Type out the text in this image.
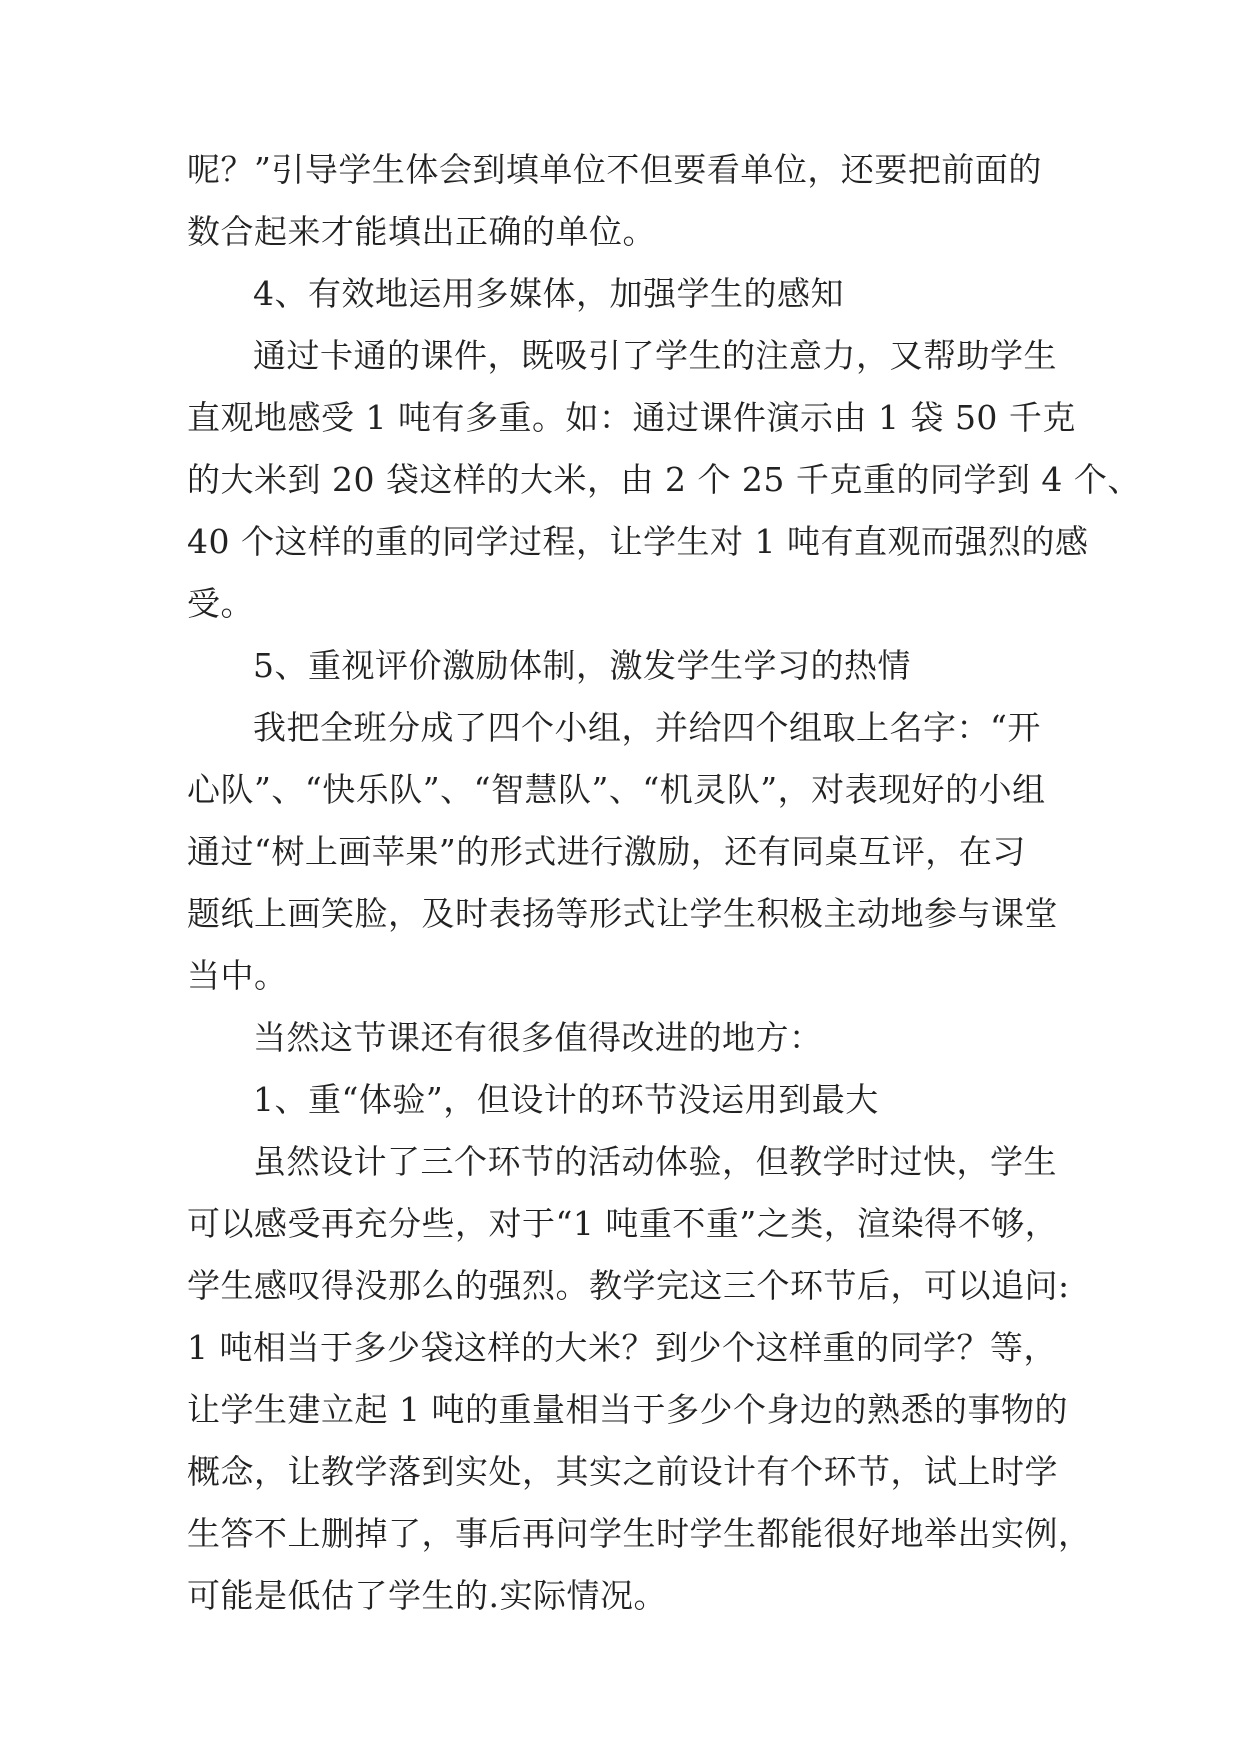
呢？”引导学生体会到填单位不但要看单位，还要把前面的
数合起来才能填出正确的单位。
4、有效地运用多媒体，加强学生的感知
通过卡通的课件，既吸引了学生的注意力，又帮助学生
直观地感受 1 吨有多重。如：通过课件演示由 1 袋 50 千克
的大米到 20 袋这样的大米，由 2 个 25 千克重的同学到 4 个、
40 个这样的重的同学过程，让学生对 1 吨有直观而强烈的感
受。
5、重视评价激励体制，激发学生学习的热情
我把全班分成了四个小组，并给四个组取上名字：“开
心队”、“快乐队”、“智慧队”、“机灵队”，对表现好的小组
通过“树上画苹果”的形式进行激励，还有同桌互评，在习
题纸上画笑脸，及时表扬等形式让学生积极主动地参与课堂
当中。
当然这节课还有很多值得改进的地方：
1、重“体验”，但设计的环节没运用到最大
虽然设计了三个环节的活动体验，但教学时过快，学生
可以感受再充分些，对于“1 吨重不重”之类，渲染得不够，
学生感叹得没那么的强烈。教学完这三个环节后，可以追问:
1 吨相当于多少袋这样的大米？到少个这样重的同学？等，
让学生建立起 1 吨的重量相当于多少个身边的熟悉的事物的
概念，让教学落到实处，其实之前设计有个环节，试上时学
生答不上删掉了，事后再问学生时学生都能很好地举出实例，
可能是低估了学生的.实际情况。
